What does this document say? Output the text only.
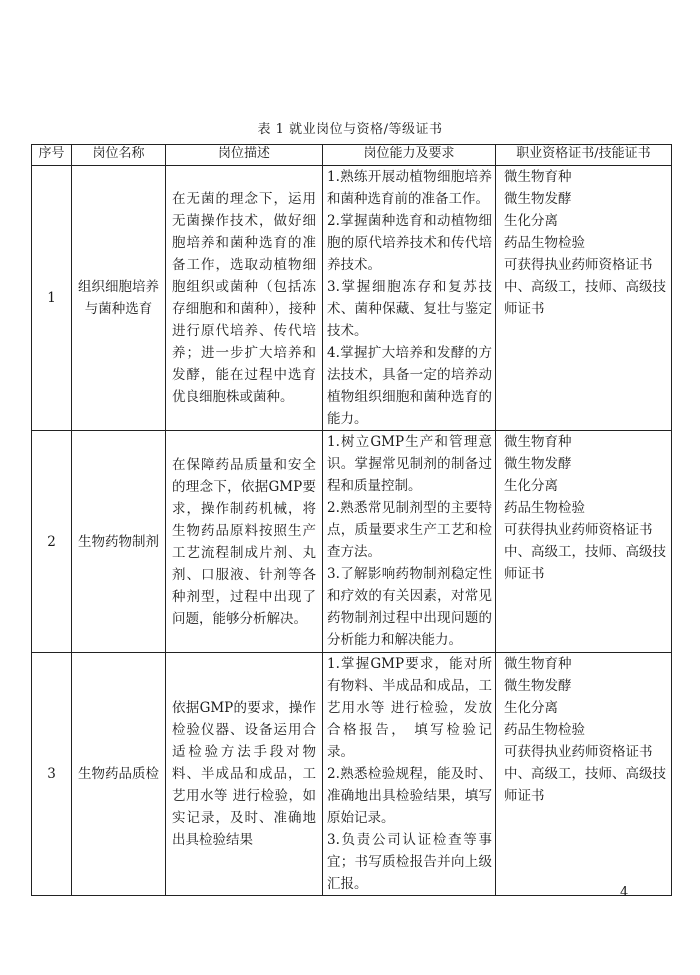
表 1 就业岗位与资格/等级证书
序号	岗位名称	岗位描述	岗位能力及要求	职业资格证书/技能证书
1	组织细胞培养与菌种选育	在无菌的理念下，运用无菌操作技术，做好细胞培养和菌种选育的准备工作，选取动植物细胞组织或菌种（包括冻存细胞和和菌种），接种进行原代培养、传代培养；进一步扩大培养和发酵，能在过程中选育优良细胞株或菌种。	1.熟练开展动植物细胞培养和菌种选育前的准备工作。
2.掌握菌种选育和动植物细胞的原代培养技术和传代培养技术。
3.掌握细胞冻存和复苏技术、菌种保藏、复壮与鉴定技术。
4.掌握扩大培养和发酵的方法技术，具备一定的培养动植物组织细胞和菌种选育的能力。	微生物育种
微生物发酵
生化分离
药品生物检验
可获得执业药师资格证书中、高级工，技师、高级技师证书

2	生物药物制剂	在保障药品质量和安全的理念下，依据GMP要求，操作制药机械，将生物药品原料按照生产工艺流程制成片剂、丸剂、口服液、针剂等各种剂型，过程中出现了问题，能够分析解决。	1.树立GMP生产和管理意识。掌握常见制剂的制备过程和质量控制。
2.熟悉常见制剂型的主要特点，质量要求生产工艺和检查方法。
3.了解影响药物制剂稳定性和疗效的有关因素，对常见药物制剂过程中出现问题的分析能力和解决能力。	微生物育种
微生物发酵
生化分离
药品生物检验
可获得执业药师资格证书中、高级工，技师、高级技师证书

3	生物药品质检	依据GMP的要求，操作检验仪器、设备运用合适检验方法手段对物料、半成品和成品，工艺用水等 进行检验，如实记录，及时、准确地出具检验结果	1.掌握GMP要求，能对所有物料、半成品和成品，工艺用水等 进行检验，发放合格报告， 填写检验记录。
2.熟悉检验规程，能及时、准确地出具检验结果，填写原始记录。
3.负责公司认证检查等事宜；书写质检报告并向上级汇报。	微生物育种
微生物发酵
生化分离
药品生物检验
可获得执业药师资格证书中、高级工，技师、高级技师证书
4
